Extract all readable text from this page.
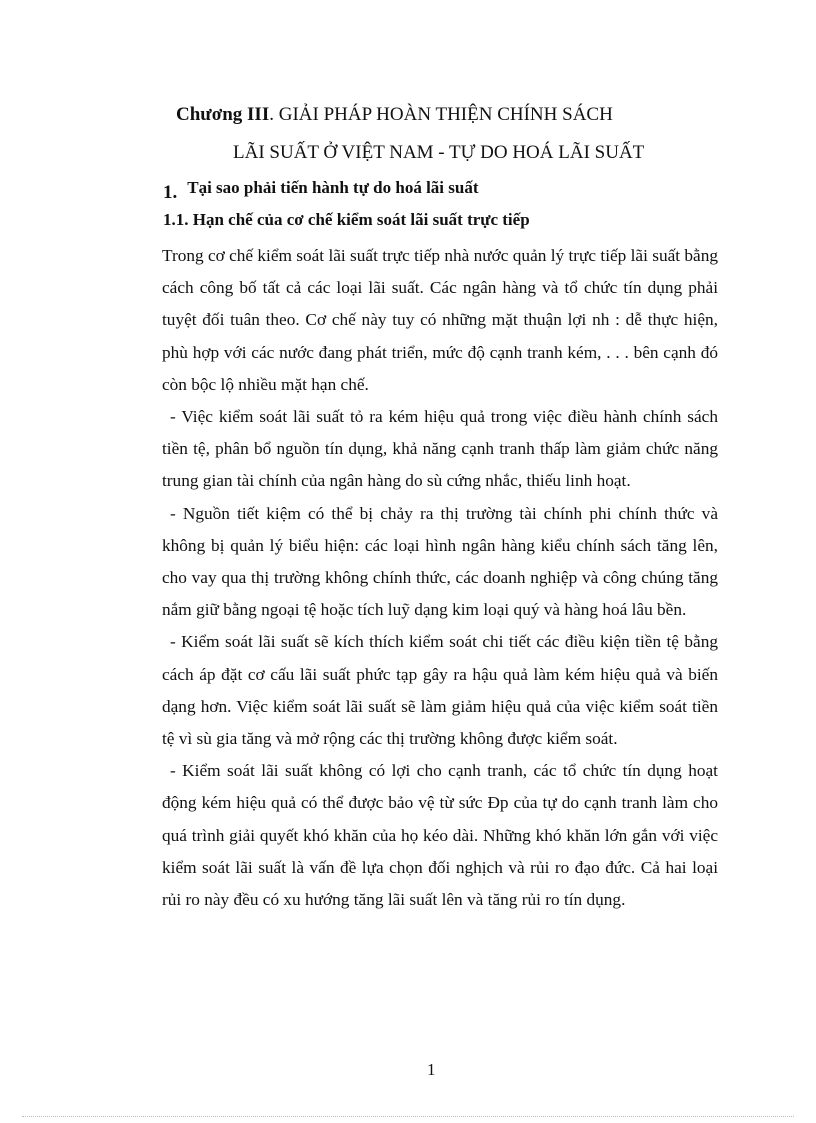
Chương III. GIẢI PHÁP HOÀN THIỆN CHÍNH SÁCH
LÃI SUẤT Ở VIỆT NAM - TỰ DO HOÁ LÃI SUẤT
1. Tại sao phải tiến hành tự do hoá lãi suất
1.1. Hạn chế của cơ chế kiểm soát lãi suất trực tiếp

Trong cơ chế kiểm soát lãi suất trực tiếp nhà nước quản lý trực tiếp lãi suất bằng cách công bố tất cả các loại lãi suất. Các ngân hàng và tổ chức tín dụng phải tuyệt đối tuân theo. Cơ chế này tuy có những mặt thuận lợi nh : dễ thực hiện, phù hợp với các nước đang phát triển, mức độ cạnh tranh kém, . . . bên cạnh đó còn bộc lộ nhiều mặt hạn chế.

- Việc kiểm soát lãi suất tỏ ra kém hiệu quả trong việc điều hành chính sách tiền tệ, phân bổ nguồn tín dụng, khả năng cạnh tranh thấp làm giảm chức năng trung gian tài chính của ngân hàng do sù cứng nhắc, thiếu linh hoạt.

- Nguồn tiết kiệm có thể bị chảy ra thị trường tài chính phi chính thức và không bị quản lý biểu hiện: các loại hình ngân hàng kiểu chính sách tăng lên, cho vay qua thị trường không chính thức, các doanh nghiệp và công chúng tăng nắm giữ bằng ngoại tệ hoặc tích luỹ dạng kim loại quý và hàng hoá lâu bền.

- Kiểm soát lãi suất sẽ kích thích kiểm soát chi tiết các điều kiện tiền tệ bằng cách áp đặt cơ cấu lãi suất phức tạp gây ra hậu quả làm kém hiệu quả và biến dạng hơn. Việc kiểm soát lãi suất sẽ làm giảm hiệu quả của việc kiểm soát tiền tệ vì sù gia tăng và mở rộng các thị trường không được kiểm soát.

- Kiểm soát lãi suất không có lợi cho cạnh tranh, các tổ chức tín dụng hoạt động kém hiệu quả có thể được bảo vệ từ sức Đp của tự do cạnh tranh làm cho quá trình giải quyết khó khăn của họ kéo dài. Những khó khăn lớn gắn với việc kiểm soát lãi suất là vấn đề lựa chọn đối nghịch và rủi ro đạo đức. Cả hai loại rủi ro này đều có xu hướng tăng lãi suất lên và tăng rủi ro tín dụng.

1
